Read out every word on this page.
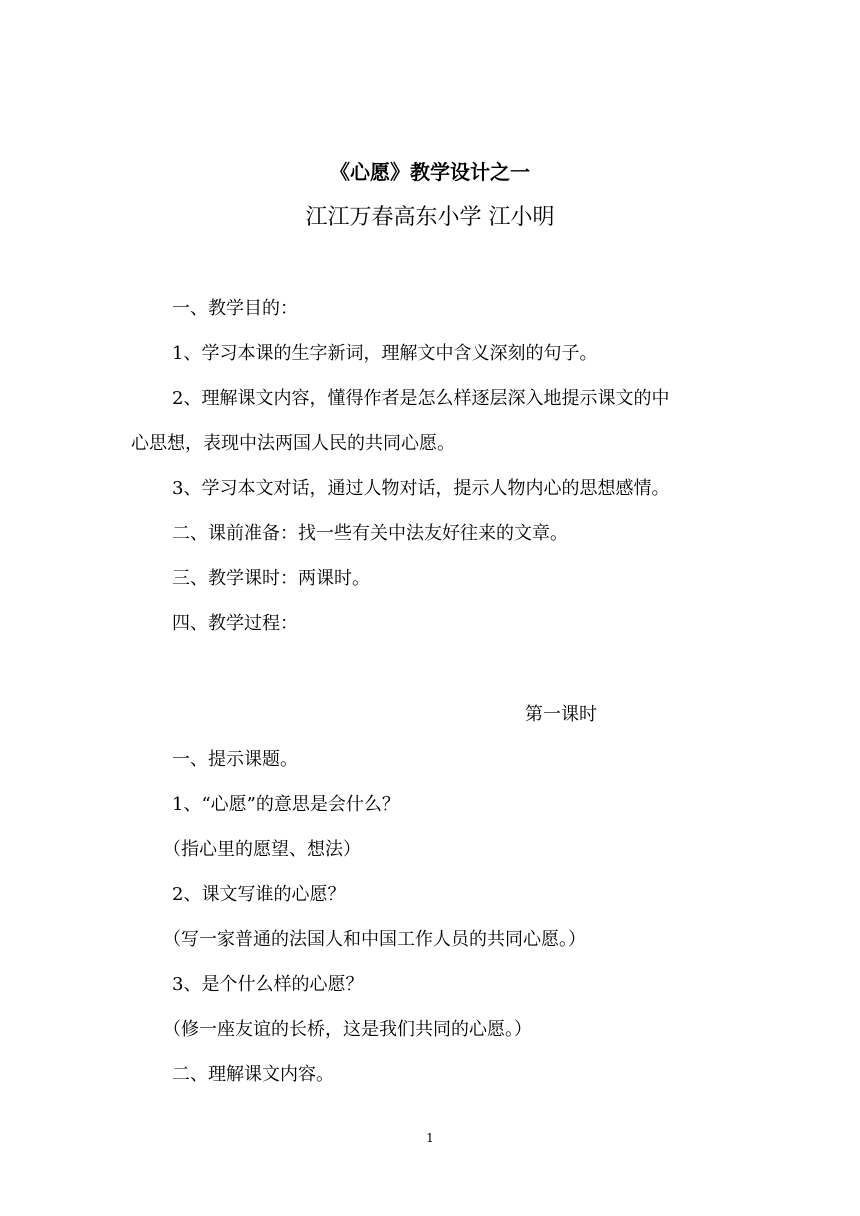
《心愿》教学设计之一
江江万春高东小学 江小明
一、教学目的：
1、学习本课的生字新词，理解文中含义深刻的句子。
2、理解课文内容，懂得作者是怎么样逐层深入地提示课文的中
心思想，表现中法两国人民的共同心愿。
3、学习本文对话，通过人物对话，提示人物内心的思想感情。
二、课前准备：找一些有关中法友好往来的文章。
三、教学课时：两课时。
四、教学过程：
第一课时
一、提示课题。
1、“心愿”的意思是会什么？
（指心里的愿望、想法）
2、课文写谁的心愿？
（写一家普通的法国人和中国工作人员的共同心愿。）
3、是个什么样的心愿？
（修一座友谊的长桥，这是我们共同的心愿。）
二、理解课文内容。
1
